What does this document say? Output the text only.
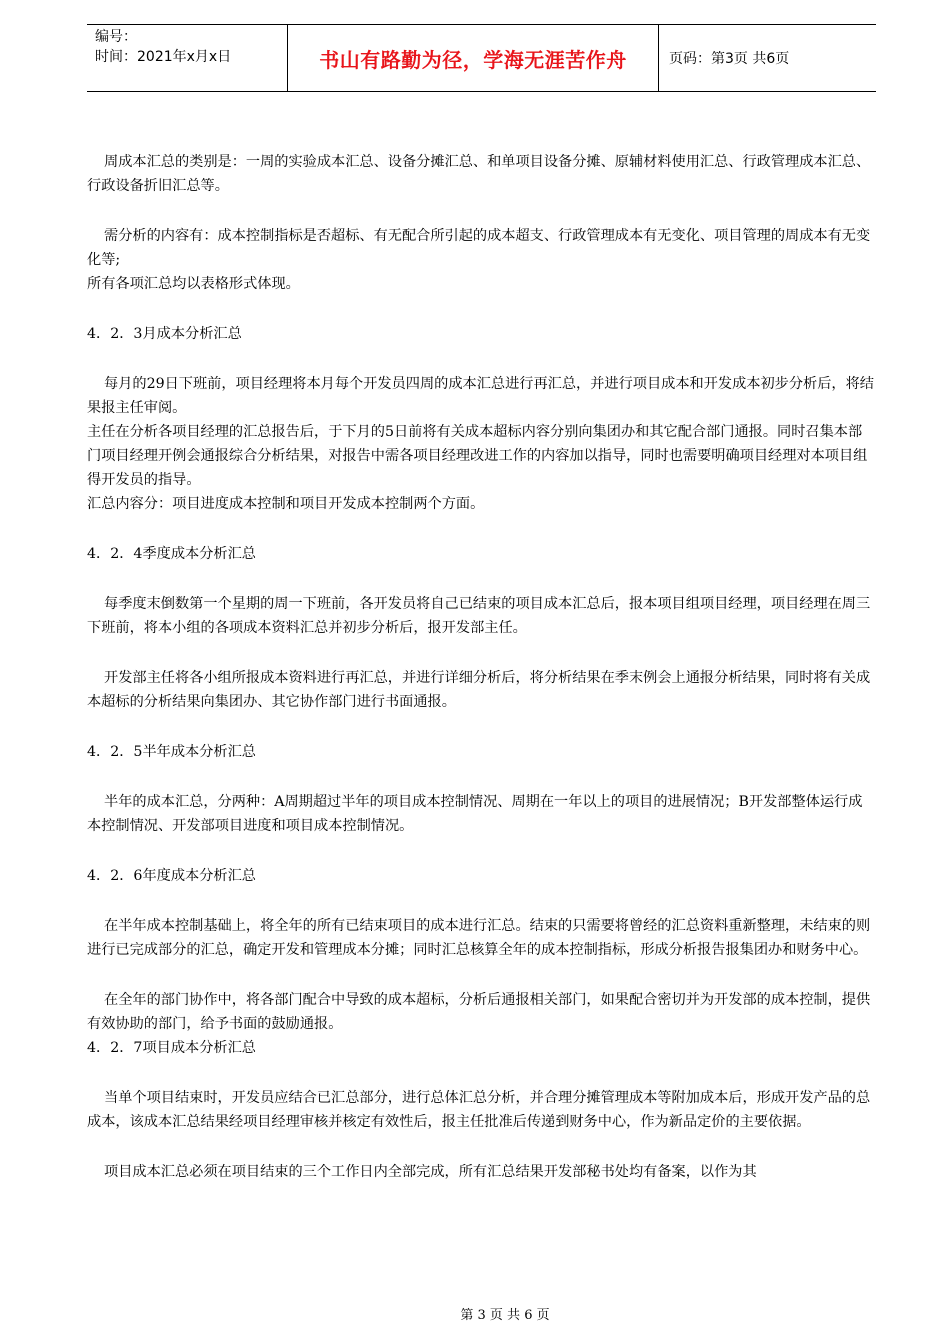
编号：
时间：2021年x月x日	书山有路勤为径，学海无涯苦作舟	页码：第3页 共6页

周成本汇总的类别是：一周的实验成本汇总、设备分摊汇总、和单项目设备分摊、原辅材料使用汇总、行政管理成本汇总、行政设备折旧汇总等。

需分析的内容有：成本控制指标是否超标、有无配合所引起的成本超支、行政管理成本有无变化、项目管理的周成本有无变化等;

所有各项汇总均以表格形式体现。

4．2．3月成本分析汇总

每月的29日下班前，项目经理将本月每个开发员四周的成本汇总进行再汇总，并进行项目成本和开发成本初步分析后，将结果报主任审阅。

主任在分析各项目经理的汇总报告后，于下月的5日前将有关成本超标内容分别向集团办和其它配合部门通报。同时召集本部门项目经理开例会通报综合分析结果，对报告中需各项目经理改进工作的内容加以指导，同时也需要明确项目经理对本项目组得开发员的指导。

汇总内容分：项目进度成本控制和项目开发成本控制两个方面。

4．2．4季度成本分析汇总

每季度末倒数第一个星期的周一下班前，各开发员将自己已结束的项目成本汇总后，报本项目组项目经理，项目经理在周三下班前，将本小组的各项成本资料汇总并初步分析后，报开发部主任。

开发部主任将各小组所报成本资料进行再汇总，并进行详细分析后，将分析结果在季末例会上通报分析结果，同时将有关成本超标的分析结果向集团办、其它协作部门进行书面通报。

4．2．5半年成本分析汇总

半年的成本汇总，分两种：A周期超过半年的项目成本控制情况、周期在一年以上的项目的进展情况；B开发部整体运行成本控制情况、开发部项目进度和项目成本控制情况。

4．2．6年度成本分析汇总

在半年成本控制基础上，将全年的所有已结束项目的成本进行汇总。结束的只需要将曾经的汇总资料重新整理，未结束的则进行已完成部分的汇总，确定开发和管理成本分摊；同时汇总核算全年的成本控制指标，形成分析报告报集团办和财务中心。

在全年的部门协作中，将各部门配合中导致的成本超标，分析后通报相关部门，如果配合密切并为开发部的成本控制，提供有效协助的部门，给予书面的鼓励通报。

4．2．7项目成本分析汇总

当单个项目结束时，开发员应结合已汇总部分，进行总体汇总分析，并合理分摊管理成本等附加成本后，形成开发产品的总成本，该成本汇总结果经项目经理审核并核定有效性后，报主任批准后传递到财务中心，作为新品定价的主要依据。

项目成本汇总必须在项目结束的三个工作日内全部完成，所有汇总结果开发部秘书处均有备案，以作为其

第 3 页 共 6 页
